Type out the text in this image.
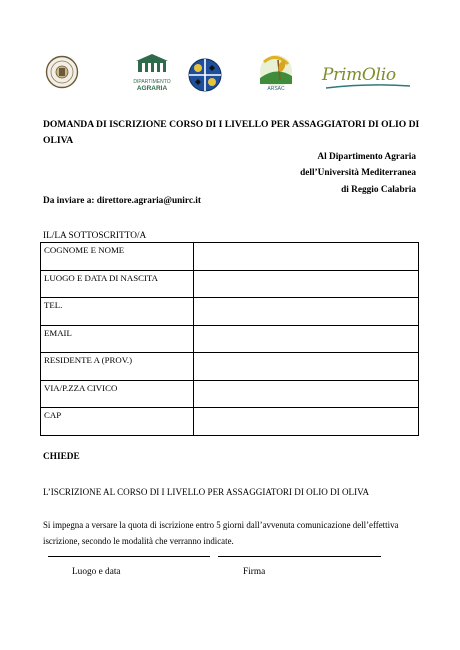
DIPARTIMENTO
AGRARIA	ARSAC
PrimOlio
DOMANDA DI ISCRIZIONE CORSO DI I LIVELLO PER ASSAGGIATORI DI OLIO DI OLIVA
Al Dipartimento Agraria
dell’Università Mediterranea
di Reggio Calabria
Da inviare a: direttore.agraria@unirc.it
IL/LA SOTTOSCRITTO/A
COGNOME E NOME	
LUOGO E DATA DI NASCITA	
TEL.	
EMAIL	
RESIDENTE A (PROV.)	
VIA/P.ZZA CIVICO	
CAP	
CHIEDE
L’ISCRIZIONE AL CORSO DI I LIVELLO PER ASSAGGIATORI DI OLIO DI OLIVA
Si impegna a versare la quota di iscrizione entro 5 giorni dall’avvenuta comunicazione dell’effettiva iscrizione, secondo le modalità che verranno indicate.
Luogo e data	Firma
